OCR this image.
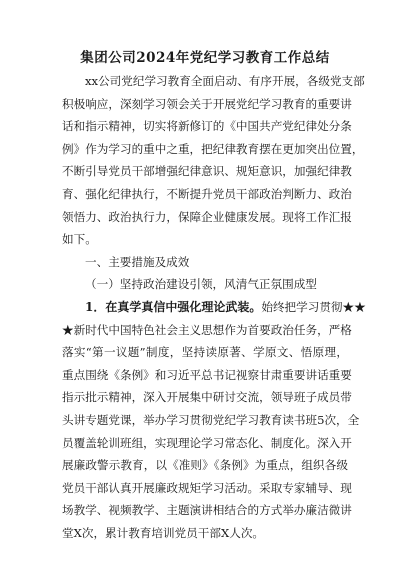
集团公司2024年党纪学习教育工作总结
xx公司党纪学习教育全面启动、有序开展，各级党支部
积极响应，深刻学习领会关于开展党纪学习教育的重要讲
话和指示精神，切实将新修订的《中国共产党纪律处分条
例》作为学习的重中之重，把纪律教育摆在更加突出位置，
不断引导党员干部增强纪律意识、规矩意识，加强纪律教
育、强化纪律执行，不断提升党员干部政治判断力、政治
领悟力、政治执行力，保障企业健康发展。现将工作汇报
如下。
一、主要措施及成效
（一）坚持政治建设引领，风清气正氛围成型
1．在真学真信中强化理论武装。始终把学习贯彻★★
★新时代中国特色社会主义思想作为首要政治任务，严格
落实“第一议题”制度，坚持读原著、学原文、悟原理，
重点围绕《条例》和习近平总书记视察甘肃重要讲话重要
指示批示精神，深入开展集中研讨交流，领导班子成员带
头讲专题党课，举办学习贯彻党纪学习教育读书班5次，全
员覆盖轮训班组，实现理论学习常态化、制度化。深入开
展廉政警示教育，以《准则》《条例》为重点，组织各级
党员干部认真开展廉政规矩学习活动。采取专家辅导、现
场教学、视频教学、主题演讲相结合的方式举办廉洁微讲
堂X次，累计教育培训党员干部X人次。
